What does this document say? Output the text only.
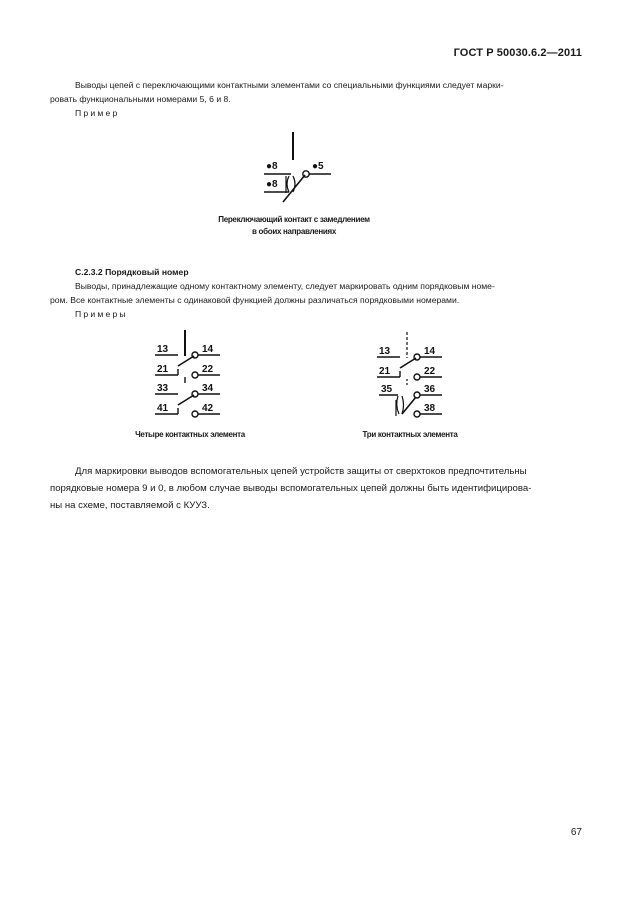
ГОСТ Р 50030.6.2—2011
Выводы цепей с переключающими контактными элементами со специальными функциями следует марки-
ровать функциональными номерами 5, 6 и 8.
Пример
●8	●5
●8
Переключающий контакт с замедлением
в обоих направлениях
С.2.3.2 Порядковый номер
Выводы, принадлежащие одному контактному элементу, следует маркировать одним порядковым номе-
ром. Все контактные элементы с одинаковой функцией должны различаться порядковыми номерами.
Примеры
13	14
21	22
33	34
41	42
Четыре контактных элемента
13	14
21	22
35	36
38
Три контактных элемента
Для маркировки выводов вспомогательных цепей устройств защиты от сверхтоков предпочтительны
порядковые номера 9 и 0, в любом случае выводы вспомогательных цепей должны быть идентифицирова-
ны на схеме, поставляемой с КУУЗ.
67
